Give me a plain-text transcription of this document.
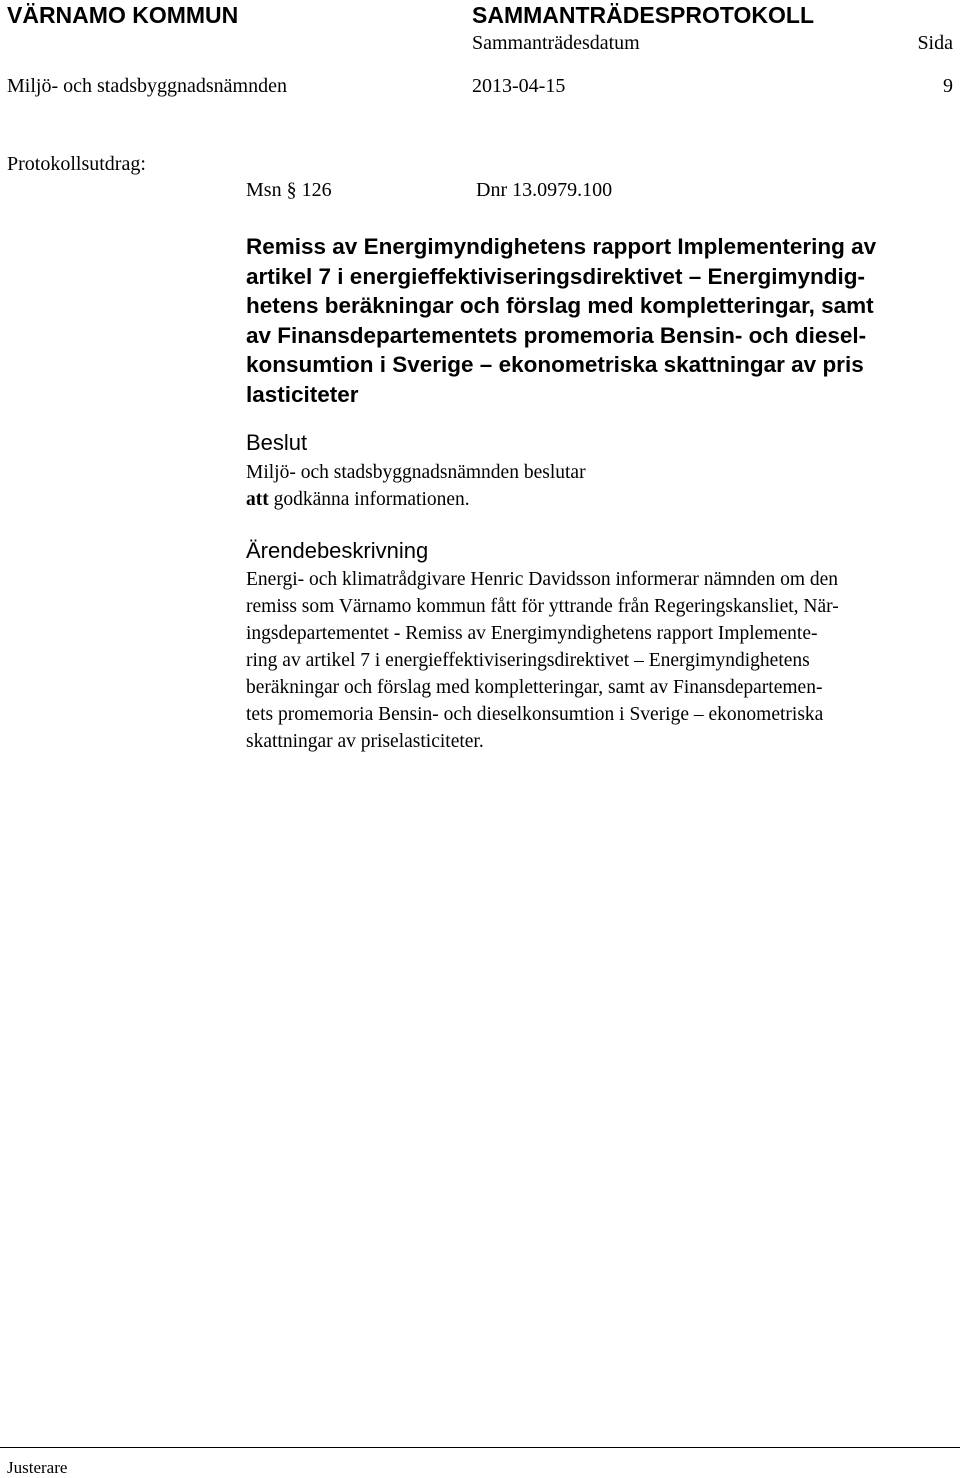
VÄRNAMO KOMMUN	SAMMANTRÄDESPROTOKOLL
Sammanträdesdatum	Sida
Miljö- och stadsbyggnadsnämnden	2013-04-15	9
Protokollsutdrag:
Msn § 126	Dnr 13.0979.100
Remiss av Energimyndighetens rapport Implementering av
artikel 7 i energieffektiviseringsdirektivet – Energimyndig-
hetens beräkningar och förslag med kompletteringar, samt
av Finansdepartementets promemoria Bensin- och diesel-
konsumtion i Sverige – ekonometriska skattningar av pris
lasticiteter
Beslut
Miljö- och stadsbyggnadsnämnden beslutar
att godkänna informationen.
Ärendebeskrivning
Energi- och klimatrådgivare Henric Davidsson informerar nämnden om den
remiss som Värnamo kommun fått för yttrande från Regeringskansliet, När-
ingsdepartementet - Remiss av Energimyndighetens rapport Implemente-
ring av artikel 7 i energieffektiviseringsdirektivet – Energimyndighetens
beräkningar och förslag med kompletteringar, samt av Finansdepartemen-
tets promemoria Bensin- och dieselkonsumtion i Sverige – ekonometriska
skattningar av priselasticiteter.
Justerare
